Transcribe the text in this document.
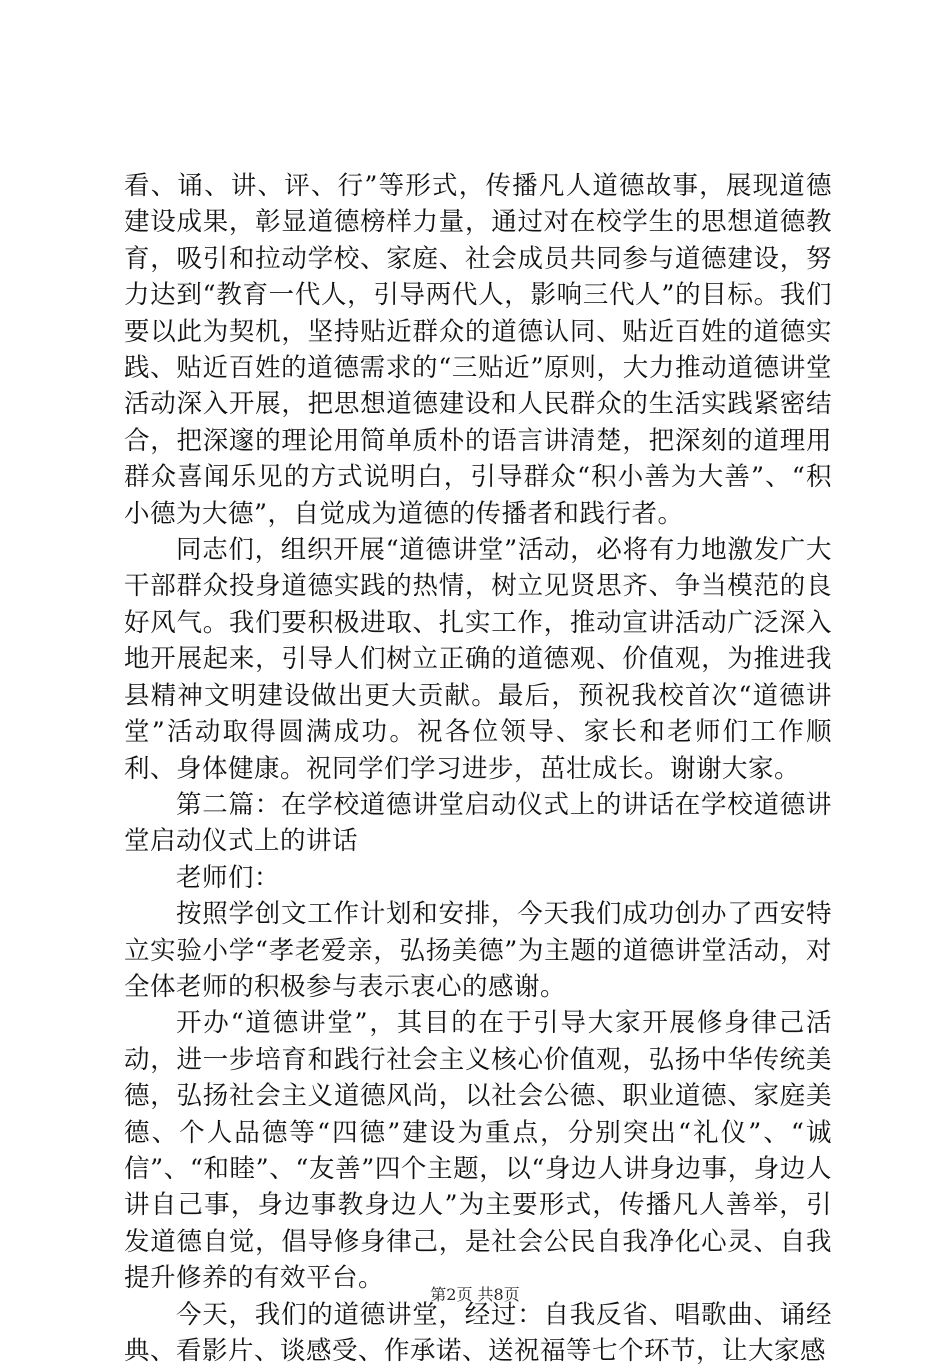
看、诵、讲、评、行”等形式，传播凡人道德故事，展现道德建设成果，彰显道德榜样力量，通过对在校学生的思想道德教育，吸引和拉动学校、家庭、社会成员共同参与道德建设，努力达到“教育一代人，引导两代人，影响三代人”的目标。我们要以此为契机，坚持贴近群众的道德认同、贴近百姓的道德实践、贴近百姓的道德需求的“三贴近”原则，大力推动道德讲堂活动深入开展，把思想道德建设和人民群众的生活实践紧密结合，把深邃的理论用简单质朴的语言讲清楚，把深刻的道理用群众喜闻乐见的方式说明白，引导群众“积小善为大善”、“积小德为大德”，自觉成为道德的传播者和践行者。

同志们，组织开展“道德讲堂”活动，必将有力地激发广大干部群众投身道德实践的热情，树立见贤思齐、争当模范的良好风气。我们要积极进取、扎实工作，推动宣讲活动广泛深入地开展起来，引导人们树立正确的道德观、价值观，为推进我县精神文明建设做出更大贡献。最后，预祝我校首次“道德讲堂”活动取得圆满成功。祝各位领导、家长和老师们工作顺利、身体健康。祝同学们学习进步，茁壮成长。谢谢大家。

第二篇：在学校道德讲堂启动仪式上的讲话在学校道德讲堂启动仪式上的讲话

老师们：

按照学创文工作计划和安排，今天我们成功创办了西安特立实验小学“孝老爱亲，弘扬美德”为主题的道德讲堂活动，对全体老师的积极参与表示衷心的感谢。

开办“道德讲堂”，其目的在于引导大家开展修身律己活动，进一步培育和践行社会主义核心价值观，弘扬中华传统美德，弘扬社会主义道德风尚，以社会公德、职业道德、家庭美德、个人品德等“四德”建设为重点，分别突出“礼仪”、“诚信”、“和睦”、“友善”四个主题，以“身边人讲身边事，身边人讲自己事，身边事教身边人”为主要形式，传播凡人善举，引发道德自觉，倡导修身律己，是社会公民自我净化心灵、自我提升修养的有效平台。

今天，我们的道德讲堂，经过：自我反省、唱歌曲、诵经典、看影片、谈感受、作承诺、送祝福等七个环节，让大家感

第2页 共8页
